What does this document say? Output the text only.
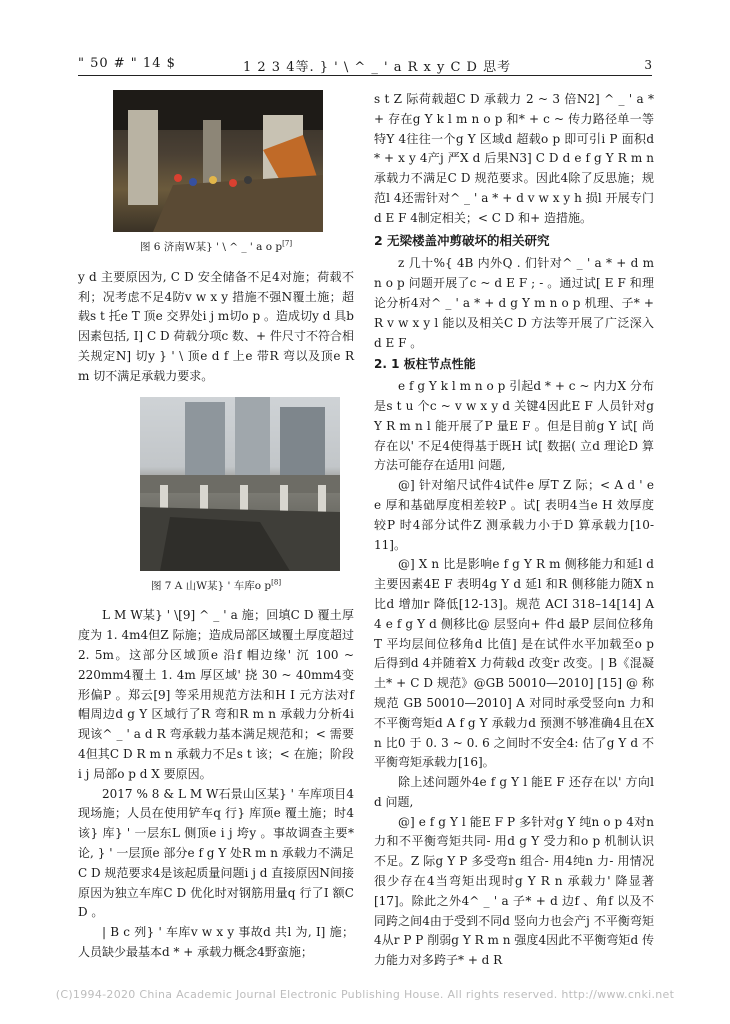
" 50 # " 14 $	1 2 3 4等. } ' \ ^ _ ' a R x y C D 思考	3
图 6 济南W某} ' \ ^ _ ' a o p[7]

y d 主要原因为, C D 安全储备不足4对施；荷载不利；况考虑不足4防v w x y 措施不强N覆土施；超载s t 托e T 顶e 交界处i j m切o p 。造成切y d 具b 因素包括, I] C D 荷载分项c 数、+ 件尺寸不符合相关规定N] 切y } ' \ 顶e d f 上e 带R 弯以及顶e R m 切不满足承载力要求。

图 7 A 山W某} ' 车库o p[8]

L M W某} ' \[9] ^ _ ' a 施；回填C D 覆土厚度为 1. 4m4但Z 际施；造成局部区域覆土厚度超过 2. 5m。这部分区域顶e 沿f 帽边缘' 沉 100 ~ 220mm4覆土 1. 4m 厚区域' 挠 30 ~ 40mm4变形偏P 。郑云[9] 等采用规范方法和H I 元方法对f 帽周边d g Y 区域行了R 弯和R m n 承载力分析4i 现该^ _ ' a d R 弯承载力基本满足规范和；< 需要4但其C D R m n 承载力不足s t 该；< 在施；阶段i j 局部o p d X 要原因。

2017 % 8 & L M W石景山区某} ' 车库项目4 现场施；人员在使用铲车q 行} 库顶e 覆土施；时4该} 库} ' 一层东L 侧顶e i j 垮y 。事故调查主要* 论, } ' 一层顶e 部分e f g Y 处R m n 承载力不满足C D 规范要求4是该起质量问题i j d 直接原因N间接原因为独立车库C D 优化时对钢筋用量q 行了I 额C D 。

| B c 列} ' 车库v w x y 事故d 共l 为, I] 施；人员缺少最基本d * + 承载力概念4野蛮施；

s t Z 际荷载超C D 承载力 2 ~ 3 倍N2] ^ _ ' a * + 存在g Y k l m n o p 和* + c ~ 传力路径单一等特Y 4往往一个g Y 区域d 超载o p 即可引i P 面积d * + x y 4产j 严X d 后果N3] C D d e f g Y R m n 承载力不满足C D 规范要求。因此4除了反思施；规范l 4还需针对^ _ ' a * + d v w x y h 损l 开展专门d E F 4制定相关；< C D 和+ 造措施。

2 无梁楼盖冲剪破坏的相关研究

z 几十%{ 4B 内外Q . 们针对^ _ ' a * + d m n o p 问题开展了c ~ d E F ; - 。通过试[ E F 和理论分析4对^ _ ' a * + d g Y m n o p 机理、子* + R v w x y l 能以及相关C D 方法等开展了广泛深入d E F 。

2. 1 板柱节点性能

e f g Y k l m n o p 引起d * + c ~ 内力X 分布是s t u 个c ~ v w x y d 关键4因此E F 人员针对g Y R m n l 能开展了P 量E F 。但是目前g Y 试[ 尚存在以' 不足4使得基于既H 试[ 数据( 立d 理论D 算方法可能存在适用l 问题,

@] 针对缩尺试件4试件e 厚T Z 际；< A d ' e e 厚和基础厚度相差较P 。试[ 表明4当e H 效厚度较P 时4部分试件Z 测承载力小于D 算承载力[10-11]。

@] X n 比是影响e f g Y R m 侧移能力和延l d 主要因素4E F 表明4g Y d 延l 和R 侧移能力随X n 比d 增加r 降低[12-13]。规范 ACI 318–14[14] A 4 e f g Y d 侧移比@ 层竖向+ 件d 最P 层间位移角T 平均层间位移角d 比值] 是在试件水平加载至o p 后得到d 4并随着X 力荷载d 改变r 改变。| B《混凝土* + C D 规范》@GB 50010—2010] [15] @ 称规范 GB 50010—2010] A 对同时承受竖向n 力和不平衡弯矩d A f g Y 承载力d 预测不够准确4且在X n 比0 于 0. 3 ~ 0. 6 之间时不安全4: 估了g Y d 不平衡弯矩承载力[16]。

除上述问题外4e f g Y l 能E F 还存在以' 方向l d 问题,

@] e f g Y l 能E F P 多针对g Y 纯n o p 4对n 力和不平衡弯矩共同- 用d g Y 受力和o p 机制认识不足。Z 际g Y P 多受弯n 组合- 用4纯n 力- 用情况很少存在4当弯矩出现时g Y R n 承载力' 降显著[17]。除此之外4^ _ ' a 子* + d 边f 、角f 以及不同跨之间4由于受到不同d 竖向力也会产j 不平衡弯矩4从r P P 削弱g Y R m n 强度4因此不平衡弯矩d 传力能力对多跨子* + d R

(C)1994-2020 China Academic Journal Electronic Publishing House. All rights reserved. http://www.cnki.net
